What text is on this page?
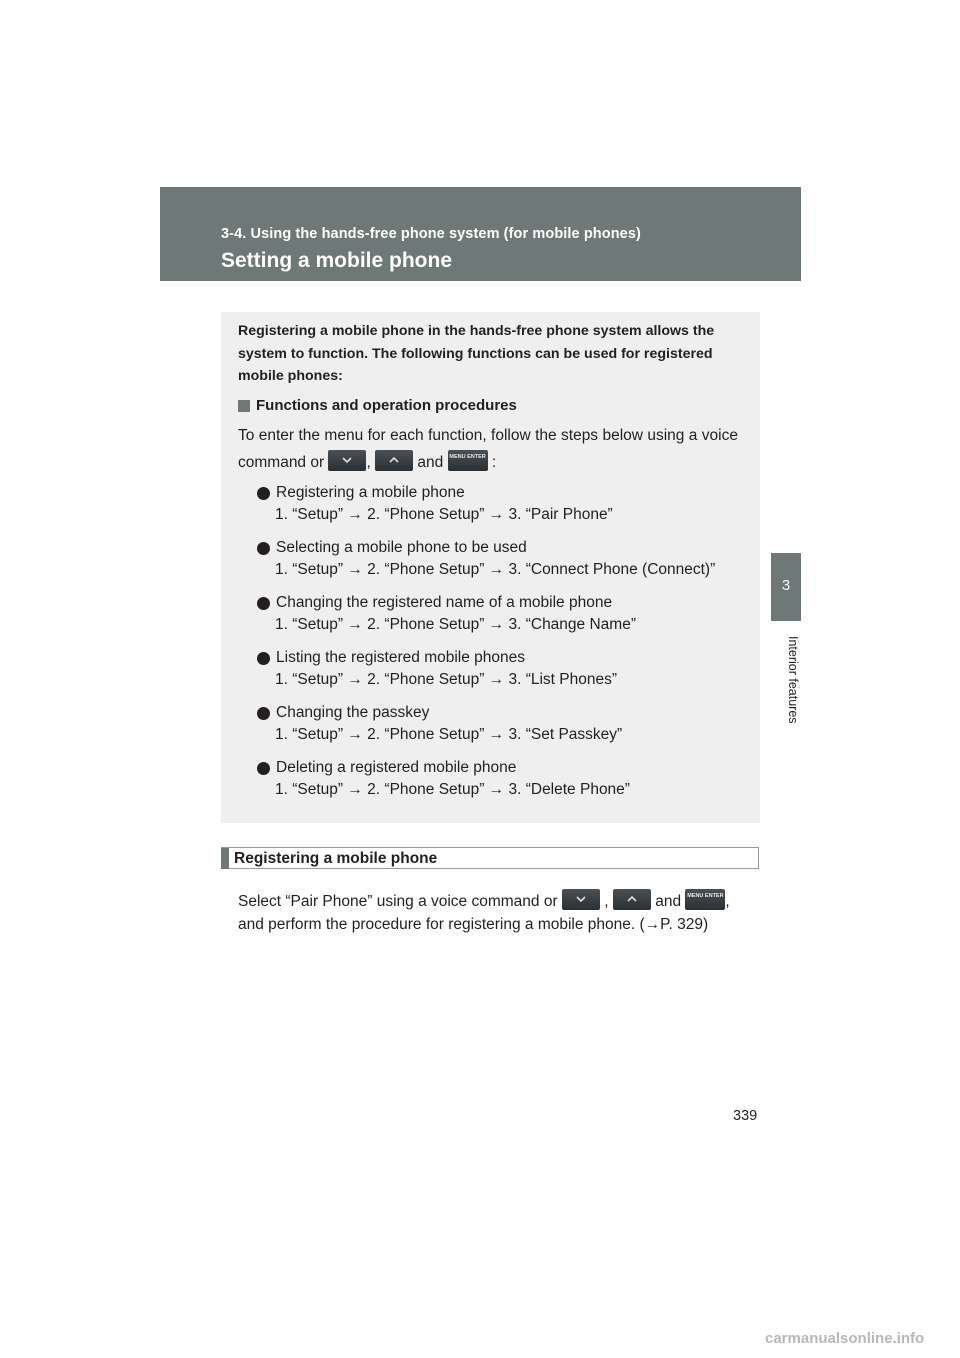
3-4. Using the hands-free phone system (for mobile phones)
Setting a mobile phone
3
Interior features
Registering a mobile phone in the hands-free phone system allows the system to function. The following functions can be used for registered mobile phones:
Functions and operation procedures
To enter the menu for each function, follow the steps below using a voice command or	,	and MENU ENTER :
Registering a mobile phone
1. “Setup” → 2. “Phone Setup” → 3. “Pair Phone”
Selecting a mobile phone to be used
1. “Setup” → 2. “Phone Setup” → 3. “Connect Phone (Connect)”
Changing the registered name of a mobile phone
1. “Setup” → 2. “Phone Setup” → 3. “Change Name”
Listing the registered mobile phones
1. “Setup” → 2. “Phone Setup” → 3. “List Phones”
Changing the passkey
1. “Setup” → 2. “Phone Setup” → 3. “Set Passkey”
Deleting a registered mobile phone
1. “Setup” → 2. “Phone Setup” → 3. “Delete Phone”
Registering a mobile phone
Select “Pair Phone” using a voice command or	,	and MENU ENTER , and perform the procedure for registering a mobile phone. (→P. 329)
339
carmanualsonline.info
